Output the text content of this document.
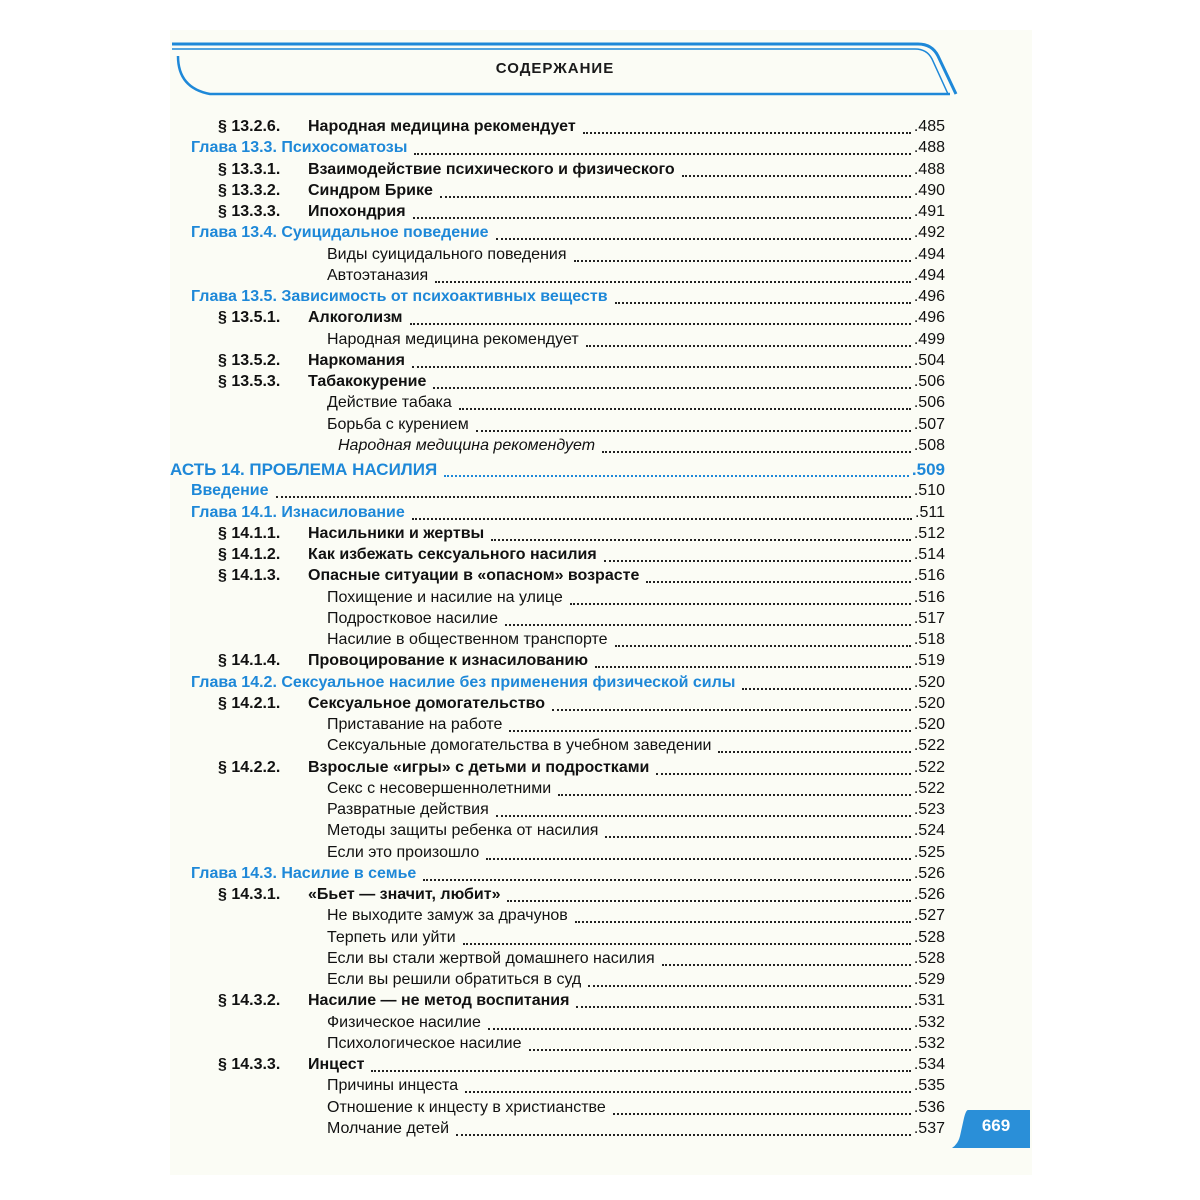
СОДЕРЖАНИЕ
§ 13.2.6.	Народная медицина рекомендует	.485
Глава 13.3. Психосоматозы	.488
§ 13.3.1.	Взаимодействие психического и физического	.488
§ 13.3.2.	Синдром Брике	.490
§ 13.3.3.	Ипохондрия	.491
Глава 13.4. Суицидальное поведение	.492
Виды суицидального поведения	.494
Автоэтаназия	.494
Глава 13.5. Зависимость от психоактивных веществ	.496
§ 13.5.1.	Алкоголизм	.496
Народная медицина рекомендует	.499
§ 13.5.2.	Наркомания	.504
§ 13.5.3.	Табакокурение	.506
Действие табака	.506
Борьба с курением	.507
Народная медицина рекомендует	.508
АСТЬ 14. ПРОБЛЕМА НАСИЛИЯ	.509
Введение	.510
Глава 14.1. Изнасилование	.511
§ 14.1.1.	Насильники и жертвы	.512
§ 14.1.2.	Как избежать сексуального насилия	.514
§ 14.1.3.	Опасные ситуации в «опасном» возрасте	.516
Похищение и насилие на улице	.516
Подростковое насилие	.517
Насилие в общественном транспорте	.518
§ 14.1.4.	Провоцирование к изнасилованию	.519
Глава 14.2. Сексуальное насилие без применения физической силы	.520
§ 14.2.1.	Сексуальное домогательство	.520
Приставание на работе	.520
Сексуальные домогательства в учебном заведении	.522
§ 14.2.2.	Взрослые «игры» с детьми и подростками	.522
Секс с несовершеннолетними	.522
Развратные действия	.523
Методы защиты ребенка от насилия	.524
Если это произошло	.525
Глава 14.3. Насилие в семье	.526
§ 14.3.1.	«Бьет — значит, любит»	.526
Не выходите замуж за драчунов	.527
Терпеть или уйти	.528
Если вы стали жертвой домашнего насилия	.528
Если вы решили обратиться в суд	.529
§ 14.3.2.	Насилие — не метод воспитания	.531
Физическое насилие	.532
Психологическое насилие	.532
§ 14.3.3.	Инцест	.534
Причины инцеста	.535
Отношение к инцесту в христианстве	.536
Молчание детей	.537	669
